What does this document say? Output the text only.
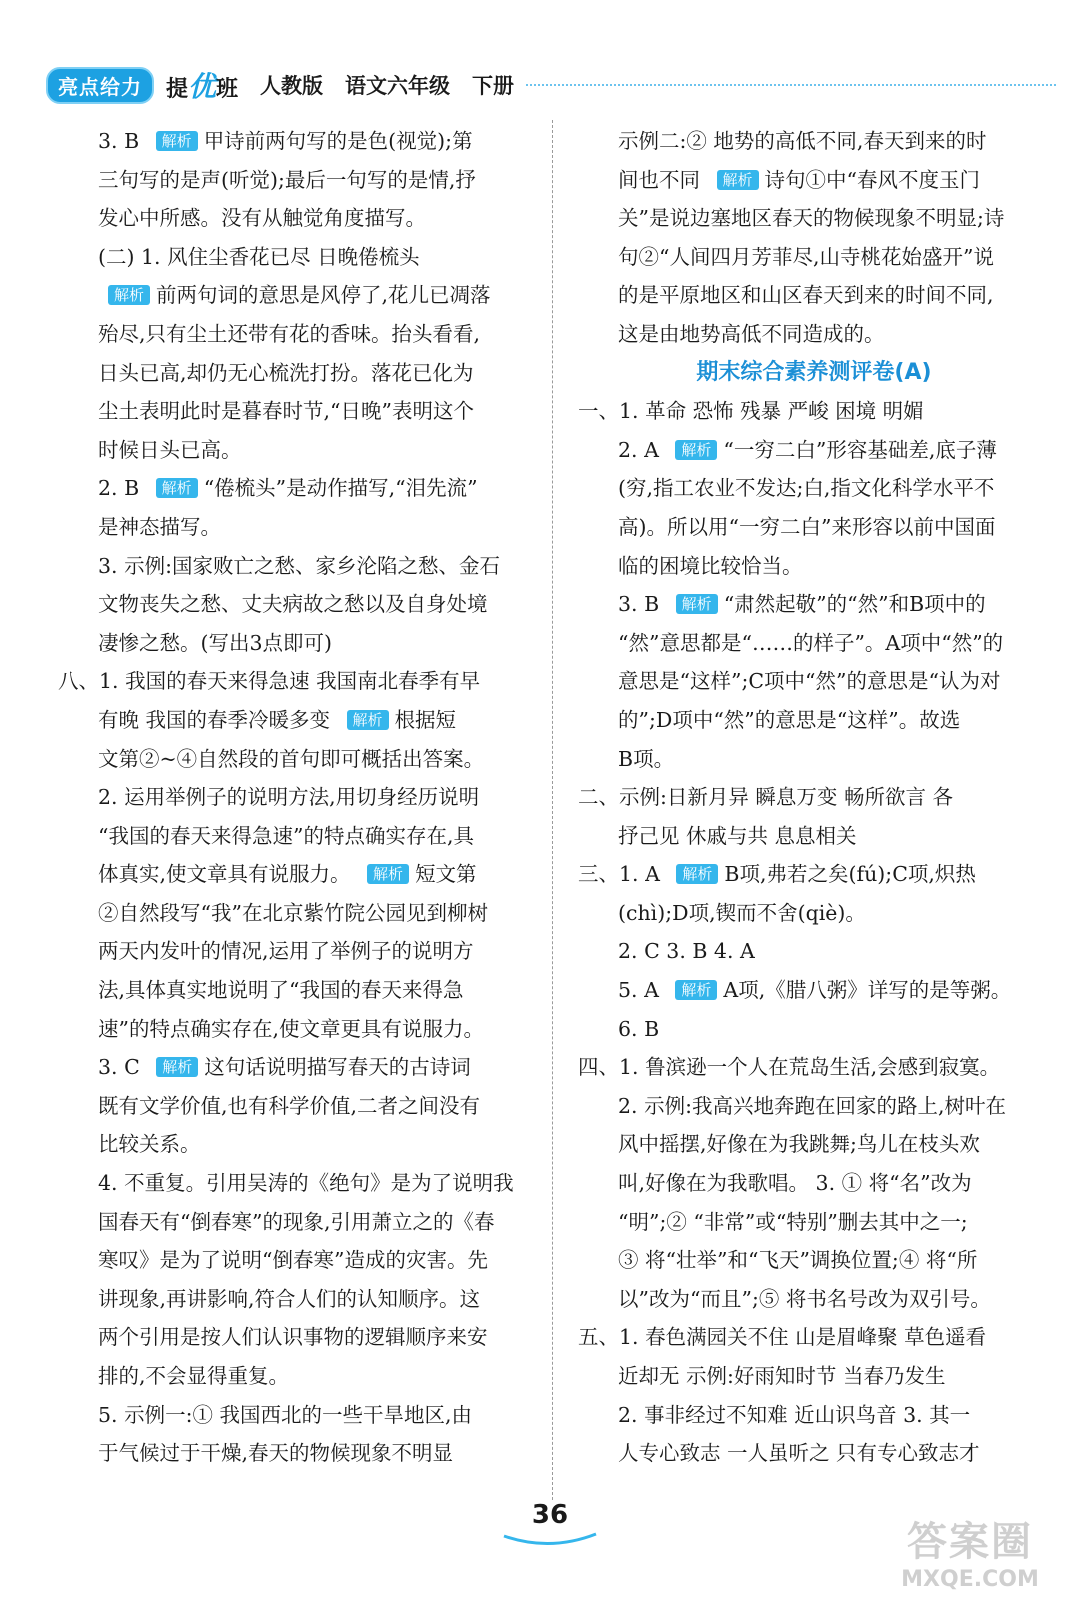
亮点给力	提优班 人教版 语文六年级 下册
3. B 解析 甲诗前两句写的是色(视觉);第
三句写的是声(听觉);最后一句写的是情,抒
发心中所感。没有从触觉角度描写。
(二) 1. 风住尘香花已尽 日晚倦梳头
解析 前两句词的意思是风停了,花儿已凋落
殆尽,只有尘土还带有花的香味。抬头看看,
日头已高,却仍无心梳洗打扮。落花已化为
尘土表明此时是暮春时节,“日晚”表明这个
时候日头已高。
2. B 解析 “倦梳头”是动作描写,“泪先流”
是神态描写。
3. 示例:国家败亡之愁、家乡沦陷之愁、金石
文物丧失之愁、丈夫病故之愁以及自身处境
凄惨之愁。(写出3点即可)
八、1. 我国的春天来得急速 我国南北春季有早
有晚 我国的春季冷暖多变 解析 根据短
文第②~④自然段的首句即可概括出答案。
2. 运用举例子的说明方法,用切身经历说明
“我国的春天来得急速”的特点确实存在,具
体真实,使文章具有说服力。 解析 短文第
②自然段写“我”在北京紫竹院公园见到柳树
两天内发叶的情况,运用了举例子的说明方
法,具体真实地说明了“我国的春天来得急
速”的特点确实存在,使文章更具有说服力。
3. C 解析 这句话说明描写春天的古诗词
既有文学价值,也有科学价值,二者之间没有
比较关系。
4. 不重复。引用吴涛的《绝句》是为了说明我
国春天有“倒春寒”的现象,引用萧立之的《春
寒叹》是为了说明“倒春寒”造成的灾害。先
讲现象,再讲影响,符合人们的认知顺序。这
两个引用是按人们认识事物的逻辑顺序来安
排的,不会显得重复。
5. 示例一:① 我国西北的一些干旱地区,由
于气候过于干燥,春天的物候现象不明显
示例二:② 地势的高低不同,春天到来的时
间也不同 解析 诗句①中“春风不度玉门
关”是说边塞地区春天的物候现象不明显;诗
句②“人间四月芳菲尽,山寺桃花始盛开”说
的是平原地区和山区春天到来的时间不同,
这是由地势高低不同造成的。
期末综合素养测评卷(A)
一、1. 革命 恐怖 残暴 严峻 困境 明媚
2. A 解析 “一穷二白”形容基础差,底子薄
(穷,指工农业不发达;白,指文化科学水平不
高)。所以用“一穷二白”来形容以前中国面
临的困境比较恰当。
3. B 解析 “肃然起敬”的“然”和B项中的
“然”意思都是“……的样子”。A项中“然”的
意思是“这样”;C项中“然”的意思是“认为对
的”;D项中“然”的意思是“这样”。故选
B项。
二、示例:日新月异 瞬息万变 畅所欲言 各
抒己见 休戚与共 息息相关
三、1. A 解析 B项,弗若之矣(fú);C项,炽热
(chì);D项,锲而不舍(qiè)。
2. C 3. B 4. A
5. A 解析 A项,《腊八粥》详写的是等粥。
6. B
四、1. 鲁滨逊一个人在荒岛生活,会感到寂寞。
2. 示例:我高兴地奔跑在回家的路上,树叶在
风中摇摆,好像在为我跳舞;鸟儿在枝头欢
叫,好像在为我歌唱。 3. ① 将“名”改为
“明”;② “非常”或“特别”删去其中之一;
③ 将“壮举”和“飞天”调换位置;④ 将“所
以”改为“而且”;⑤ 将书名号改为双引号。
五、1. 春色满园关不住 山是眉峰聚 草色遥看
近却无 示例:好雨知时节 当春乃发生
2. 事非经过不知难 近山识鸟音 3. 其一
人专心致志 一人虽听之 只有专心致志才
36
答案圈
MXQE.COM
